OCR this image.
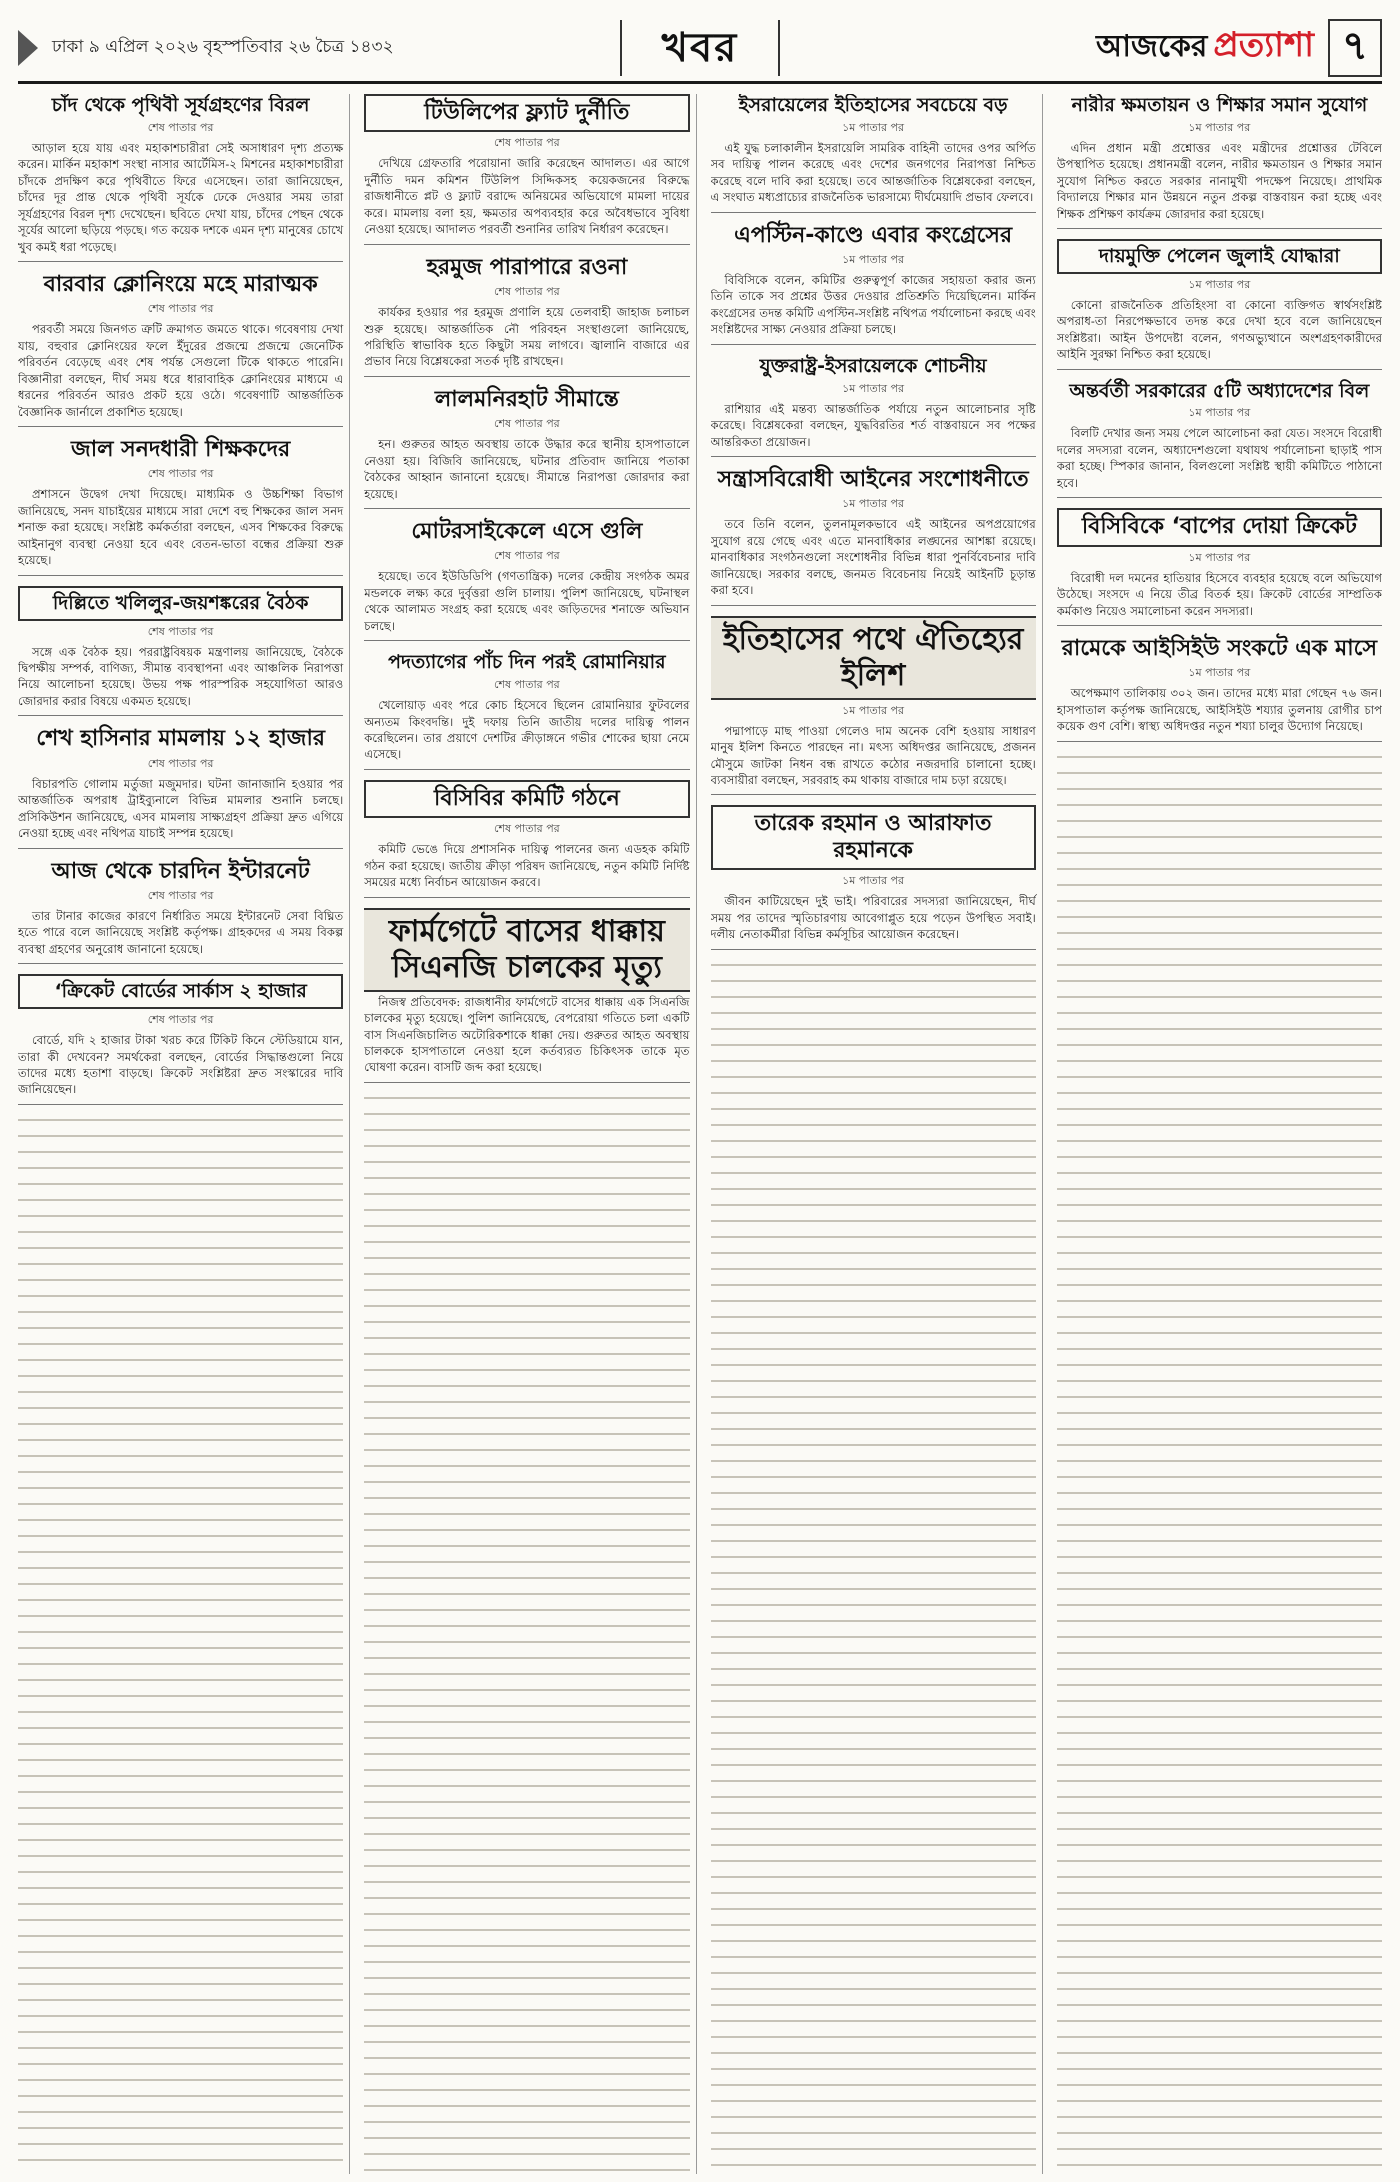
ঢাকা ৯ এপ্রিল ২০২৬ বৃহস্পতিবার ২৬ চৈত্র ১৪৩২	খবর	আজকের প্রত্যাশা ৭
চাঁদ থেকে পৃথিবী সূর্যগ্রহণের বিরল
শেষ পাতার পর

আড়াল হয়ে যায় এবং মহাকাশচারীরা সেই অসাধারণ দৃশ্য প্রত্যক্ষ করেন। মার্কিন মহাকাশ সংস্থা নাসার আর্টেমিস-২ মিশনের মহাকাশচারীরা চাঁদকে প্রদক্ষিণ করে পৃথিবীতে ফিরে এসেছেন। তারা জানিয়েছেন, চাঁদের দূর প্রান্ত থেকে পৃথিবী সূর্যকে ঢেকে দেওয়ার সময় তারা সূর্যগ্রহণের বিরল দৃশ্য দেখেছেন। ছবিতে দেখা যায়, চাঁদের পেছন থেকে সূর্যের আলো ছড়িয়ে পড়ছে। গত কয়েক দশকে এমন দৃশ্য মানুষের চোখে খুব কমই ধরা পড়েছে।

বারবার ক্লোনিংয়ে মহে মারাত্মক
শেষ পাতার পর

পরবর্তী সময়ে জিনগত ত্রুটি ক্রমাগত জমতে থাকে। গবেষণায় দেখা যায়, বহুবার ক্লোনিংয়ের ফলে ইঁদুরের প্রজন্মে প্রজন্মে জেনেটিক পরিবর্তন বেড়েছে এবং শেষ পর্যন্ত সেগুলো টিকে থাকতে পারেনি। বিজ্ঞানীরা বলছেন, দীর্ঘ সময় ধরে ধারাবাহিক ক্লোনিংয়ের মাধ্যমে এ ধরনের পরিবর্তন আরও প্রকট হয়ে ওঠে। গবেষণাটি আন্তর্জাতিক বৈজ্ঞানিক জার্নালে প্রকাশিত হয়েছে।

জাল সনদধারী শিক্ষকদের
শেষ পাতার পর

প্রশাসনে উদ্বেগ দেখা দিয়েছে। মাধ্যমিক ও উচ্চশিক্ষা বিভাগ জানিয়েছে, সনদ যাচাইয়ের মাধ্যমে সারা দেশে বহু শিক্ষকের জাল সনদ শনাক্ত করা হয়েছে। সংশ্লিষ্ট কর্মকর্তারা বলছেন, এসব শিক্ষকের বিরুদ্ধে আইনানুগ ব্যবস্থা নেওয়া হবে এবং বেতন-ভাতা বন্ধের প্রক্রিয়া শুরু হয়েছে।

দিল্লিতে খলিলুর-জয়শঙ্করের বৈঠক
শেষ পাতার পর

সঙ্গে এক বৈঠক হয়। পররাষ্ট্রবিষয়ক মন্ত্রণালয় জানিয়েছে, বৈঠকে দ্বিপক্ষীয় সম্পর্ক, বাণিজ্য, সীমান্ত ব্যবস্থাপনা এবং আঞ্চলিক নিরাপত্তা নিয়ে আলোচনা হয়েছে। উভয় পক্ষ পারস্পরিক সহযোগিতা আরও জোরদার করার বিষয়ে একমত হয়েছে।

শেখ হাসিনার মামলায় ১২ হাজার
শেষ পাতার পর

বিচারপতি গোলাম মর্তুজা মজুমদার। ঘটনা জানাজানি হওয়ার পর আন্তর্জাতিক অপরাধ ট্রাইব্যুনালে বিভিন্ন মামলার শুনানি চলছে। প্রসিকিউশন জানিয়েছে, এসব মামলায় সাক্ষ্যগ্রহণ প্রক্রিয়া দ্রুত এগিয়ে নেওয়া হচ্ছে এবং নথিপত্র যাচাই সম্পন্ন হয়েছে।

আজ থেকে চারদিন ইন্টারনেট
শেষ পাতার পর

তার টানার কাজের কারণে নির্ধারিত সময়ে ইন্টারনেট সেবা বিঘ্নিত হতে পারে বলে জানিয়েছে সংশ্লিষ্ট কর্তৃপক্ষ। গ্রাহকদের এ সময় বিকল্প ব্যবস্থা গ্রহণের অনুরোধ জানানো হয়েছে।

‘ক্রিকেট বোর্ডের সার্কাস ২ হাজার
শেষ পাতার পর

বোর্ডে, যদি ২ হাজার টাকা খরচ করে টিকিট কিনে স্টেডিয়ামে যান, তারা কী দেখবেন? সমর্থকেরা বলছেন, বোর্ডের সিদ্ধান্তগুলো নিয়ে তাদের মধ্যে হতাশা বাড়ছে। ক্রিকেট সংশ্লিষ্টরা দ্রুত সংস্কারের দাবি জানিয়েছেন।

টিউলিপের ফ্ল্যাট দুর্নীতি
শেষ পাতার পর

দেখিয়ে গ্রেফতারি পরোয়ানা জারি করেছেন আদালত। এর আগে দুর্নীতি দমন কমিশন টিউলিপ সিদ্দিকসহ কয়েকজনের বিরুদ্ধে রাজধানীতে প্লট ও ফ্ল্যাট বরাদ্দে অনিয়মের অভিযোগে মামলা দায়ের করে। মামলায় বলা হয়, ক্ষমতার অপব্যবহার করে অবৈধভাবে সুবিধা নেওয়া হয়েছে। আদালত পরবর্তী শুনানির তারিখ নির্ধারণ করেছেন।

হরমুজ পারাপারে রওনা
শেষ পাতার পর

কার্যকর হওয়ার পর হরমুজ প্রণালি হয়ে তেলবাহী জাহাজ চলাচল শুরু হয়েছে। আন্তর্জাতিক নৌ পরিবহন সংস্থাগুলো জানিয়েছে, পরিস্থিতি স্বাভাবিক হতে কিছুটা সময় লাগবে। জ্বালানি বাজারে এর প্রভাব নিয়ে বিশ্লেষকেরা সতর্ক দৃষ্টি রাখছেন।

লালমনিরহাট সীমান্তে
শেষ পাতার পর

হন। গুরুতর আহত অবস্থায় তাকে উদ্ধার করে স্থানীয় হাসপাতালে নেওয়া হয়। বিজিবি জানিয়েছে, ঘটনার প্রতিবাদ জানিয়ে পতাকা বৈঠকের আহ্বান জানানো হয়েছে। সীমান্তে নিরাপত্তা জোরদার করা হয়েছে।

মোটরসাইকেলে এসে গুলি
শেষ পাতার পর

হয়েছে। তবে ইউডিডিপি (গণতান্ত্রিক) দলের কেন্দ্রীয় সংগঠক অমর মন্ডলকে লক্ষ্য করে দুর্বৃত্তরা গুলি চালায়। পুলিশ জানিয়েছে, ঘটনাস্থল থেকে আলামত সংগ্রহ করা হয়েছে এবং জড়িতদের শনাক্তে অভিযান চলছে।

পদত্যাগের পাঁচ দিন পরই রোমানিয়ার
শেষ পাতার পর

খেলোয়াড় এবং পরে কোচ হিসেবে ছিলেন রোমানিয়ার ফুটবলের অন্যতম কিংবদন্তি। দুই দফায় তিনি জাতীয় দলের দায়িত্ব পালন করেছিলেন। তার প্রয়াণে দেশটির ক্রীড়াঙ্গনে গভীর শোকের ছায়া নেমে এসেছে।

বিসিবির কমিটি গঠনে
শেষ পাতার পর

কমিটি ভেঙে দিয়ে প্রশাসনিক দায়িত্ব পালনের জন্য এডহক কমিটি গঠন করা হয়েছে। জাতীয় ক্রীড়া পরিষদ জানিয়েছে, নতুন কমিটি নির্দিষ্ট সময়ের মধ্যে নির্বাচন আয়োজন করবে।

ফার্মগেটে বাসের ধাক্কায় সিএনজি চালকের মৃত্যু

নিজস্ব প্রতিবেদক: রাজধানীর ফার্মগেটে বাসের ধাক্কায় এক সিএনজি চালকের মৃত্যু হয়েছে। পুলিশ জানিয়েছে, বেপরোয়া গতিতে চলা একটি বাস সিএনজিচালিত অটোরিকশাকে ধাক্কা দেয়। গুরুতর আহত অবস্থায় চালককে হাসপাতালে নেওয়া হলে কর্তব্যরত চিকিৎসক তাকে মৃত ঘোষণা করেন। বাসটি জব্দ করা হয়েছে।

ইসরায়েলের ইতিহাসের সবচেয়ে বড়
১ম পাতার পর

এই যুদ্ধ চলাকালীন ইসরায়েলি সামরিক বাহিনী তাদের ওপর অর্পিত সব দায়িত্ব পালন করেছে এবং দেশের জনগণের নিরাপত্তা নিশ্চিত করেছে বলে দাবি করা হয়েছে। তবে আন্তর্জাতিক বিশ্লেষকেরা বলছেন, এ সংঘাত মধ্যপ্রাচ্যের রাজনৈতিক ভারসাম্যে দীর্ঘমেয়াদি প্রভাব ফেলবে।

এপস্টিন-কাণ্ডে এবার কংগ্রেসের
১ম পাতার পর

বিবিসিকে বলেন, কমিটির গুরুত্বপূর্ণ কাজের সহায়তা করার জন্য তিনি তাকে সব প্রশ্নের উত্তর দেওয়ার প্রতিশ্রুতি দিয়েছিলেন। মার্কিন কংগ্রেসের তদন্ত কমিটি এপস্টিন-সংশ্লিষ্ট নথিপত্র পর্যালোচনা করছে এবং সংশ্লিষ্টদের সাক্ষ্য নেওয়ার প্রক্রিয়া চলছে।

যুক্তরাষ্ট্র-ইসরায়েলকে শোচনীয়
১ম পাতার পর

রাশিয়ার এই মন্তব্য আন্তর্জাতিক পর্যায়ে নতুন আলোচনার সৃষ্টি করেছে। বিশ্লেষকেরা বলছেন, যুদ্ধবিরতির শর্ত বাস্তবায়নে সব পক্ষের আন্তরিকতা প্রয়োজন।

সন্ত্রাসবিরোধী আইনের সংশোধনীতে
১ম পাতার পর

তবে তিনি বলেন, তুলনামূলকভাবে এই আইনের অপপ্রয়োগের সুযোগ রয়ে গেছে এবং এতে মানবাধিকার লঙ্ঘনের আশঙ্কা রয়েছে। মানবাধিকার সংগঠনগুলো সংশোধনীর বিভিন্ন ধারা পুনর্বিবেচনার দাবি জানিয়েছে। সরকার বলছে, জনমত বিবেচনায় নিয়েই আইনটি চূড়ান্ত করা হবে।

ইতিহাসের পথে ঐতিহ্যের ইলিশ
১ম পাতার পর

পদ্মাপাড়ে মাছ পাওয়া গেলেও দাম অনেক বেশি হওয়ায় সাধারণ মানুষ ইলিশ কিনতে পারছেন না। মৎস্য অধিদপ্তর জানিয়েছে, প্রজনন মৌসুমে জাটকা নিধন বন্ধ রাখতে কঠোর নজরদারি চালানো হচ্ছে। ব্যবসায়ীরা বলছেন, সরবরাহ কম থাকায় বাজারে দাম চড়া রয়েছে।

তারেক রহমান ও আরাফাত রহমানকে
১ম পাতার পর

জীবন কাটিয়েছেন দুই ভাই। পরিবারের সদস্যরা জানিয়েছেন, দীর্ঘ সময় পর তাদের স্মৃতিচারণায় আবেগাপ্লুত হয়ে পড়েন উপস্থিত সবাই। দলীয় নেতাকর্মীরা বিভিন্ন কর্মসূচির আয়োজন করেছেন।

নারীর ক্ষমতায়ন ও শিক্ষার সমান সুযোগ
১ম পাতার পর

এদিন প্রধান মন্ত্রী প্রশ্নোত্তর এবং মন্ত্রীদের প্রশ্নোত্তর টেবিলে উপস্থাপিত হয়েছে। প্রধানমন্ত্রী বলেন, নারীর ক্ষমতায়ন ও শিক্ষার সমান সুযোগ নিশ্চিত করতে সরকার নানামুখী পদক্ষেপ নিয়েছে। প্রাথমিক বিদ্যালয়ে শিক্ষার মান উন্নয়নে নতুন প্রকল্প বাস্তবায়ন করা হচ্ছে এবং শিক্ষক প্রশিক্ষণ কার্যক্রম জোরদার করা হয়েছে।

দায়মুক্তি পেলেন জুলাই যোদ্ধারা
১ম পাতার পর

কোনো রাজনৈতিক প্রতিহিংসা বা কোনো ব্যক্তিগত স্বার্থসংশ্লিষ্ট অপরাধ-তা নিরপেক্ষভাবে তদন্ত করে দেখা হবে বলে জানিয়েছেন সংশ্লিষ্টরা। আইন উপদেষ্টা বলেন, গণঅভ্যুত্থানে অংশগ্রহণকারীদের আইনি সুরক্ষা নিশ্চিত করা হয়েছে।

অন্তর্বর্তী সরকারের ৫টি অধ্যাদেশের বিল
১ম পাতার পর

বিলটি দেখার জন্য সময় পেলে আলোচনা করা যেত। সংসদে বিরোধী দলের সদস্যরা বলেন, অধ্যাদেশগুলো যথাযথ পর্যালোচনা ছাড়াই পাস করা হচ্ছে। স্পিকার জানান, বিলগুলো সংশ্লিষ্ট স্থায়ী কমিটিতে পাঠানো হবে।

বিসিবিকে ‘বাপের দোয়া ক্রিকেট
১ম পাতার পর

বিরোধী দল দমনের হাতিয়ার হিসেবে ব্যবহার হয়েছে বলে অভিযোগ উঠেছে। সংসদে এ নিয়ে তীব্র বিতর্ক হয়। ক্রিকেট বোর্ডের সাম্প্রতিক কর্মকাণ্ড নিয়েও সমালোচনা করেন সদস্যরা।

রামেকে আইসিইউ সংকটে এক মাসে
১ম পাতার পর

অপেক্ষমাণ তালিকায় ৩০২ জন। তাদের মধ্যে মারা গেছেন ৭৬ জন। হাসপাতাল কর্তৃপক্ষ জানিয়েছে, আইসিইউ শয্যার তুলনায় রোগীর চাপ কয়েক গুণ বেশি। স্বাস্থ্য অধিদপ্তর নতুন শয্যা চালুর উদ্যোগ নিয়েছে।
